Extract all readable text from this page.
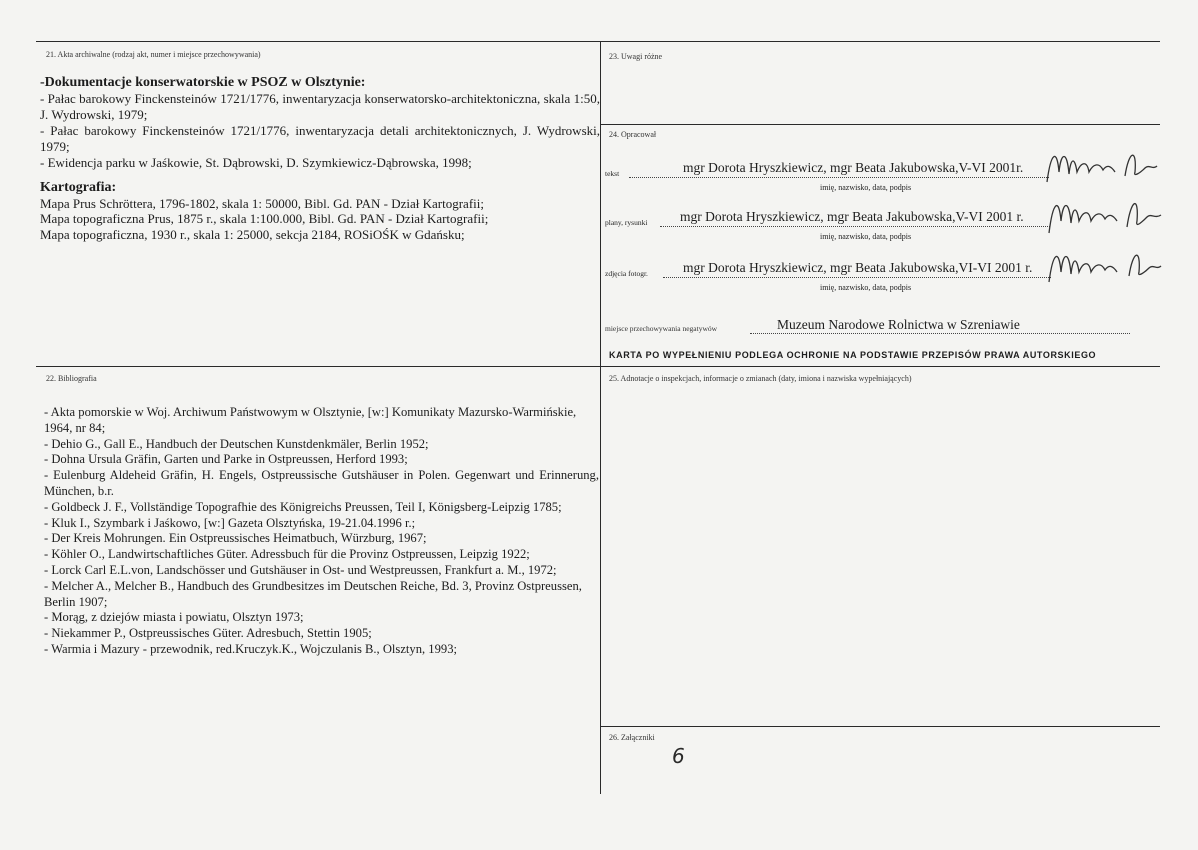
21. Akta archiwalne (rodzaj akt, numer i miejsce przechowywania)

-Dokumentacje konserwatorskie w PSOZ w Olsztynie:

- Pałac barokowy Finckensteinów 1721/1776, inwentaryzacja konserwatorsko-architektoniczna, skala 1:50, J. Wydrowski, 1979;

- Pałac barokowy Finckensteinów 1721/1776, inwentaryzacja detali architektonicznych, J. Wydrowski, 1979;

- Ewidencja parku w Jaśkowie, St. Dąbrowski, D. Szymkiewicz-Dąbrowska, 1998;

Kartografia:

Mapa Prus Schröttera, 1796-1802, skala 1: 50000, Bibl. Gd. PAN - Dział Kartografii;

Mapa topograficzna Prus, 1875 r., skala 1:100.000, Bibl. Gd. PAN - Dział Kartografii;

Mapa topograficzna, 1930 r., skala 1: 25000, sekcja 2184, ROSiOŚK w Gdańsku;

22. Bibliografia

- Akta pomorskie w Woj. Archiwum Państwowym w Olsztynie, [w:] Komunikaty Mazursko-Warmińskie, 1964, nr 84;

- Dehio G., Gall E., Handbuch der Deutschen Kunstdenkmäler, Berlin 1952;

- Dohna Ursula Gräfin, Garten und Parke in Ostpreussen, Herford 1993;

- Eulenburg Aldeheid Gräfin, H. Engels, Ostpreussische Gutshäuser in Polen. Gegenwart und Erinnerung, München, b.r.

- Goldbeck J. F., Vollständige Topografhie des Königreichs Preussen, Teil I, Königsberg-Leipzig 1785;

- Kluk I., Szymbark i Jaśkowo, [w:] Gazeta Olsztyńska, 19-21.04.1996 r.;

- Der Kreis Mohrungen. Ein Ostpreussisches Heimatbuch, Würzburg, 1967;

- Köhler O., Landwirtschaftliches Güter. Adressbuch für die Provinz Ostpreussen, Leipzig 1922;

- Lorck Carl E.L.von, Landschösser und Gutshäuser in Ost- und Westpreussen, Frankfurt a. M., 1972;

- Melcher A., Melcher B., Handbuch des Grundbesitzes im Deutschen Reiche, Bd. 3, Provinz Ostpreussen, Berlin 1907;

- Morąg, z dziejów miasta i powiatu, Olsztyn 1973;

- Niekammer P., Ostpreussisches Güter. Adresbuch, Stettin 1905;

- Warmia i Mazury - przewodnik, red.Kruczyk.K., Wojczulanis B., Olsztyn, 1993;

23. Uwagi różne
24. Opracował
tekst	mgr Dorota Hryszkiewicz, mgr Beata Jakubowska,V-VI 2001r.
imię, nazwisko, data, podpis
plany, rysunki mgr Dorota Hryszkiewicz, mgr Beata Jakubowska,V-VI 2001 r.
imię, nazwisko, data, podpis
zdjęcia fotogr.	mgr Dorota Hryszkiewicz, mgr Beata Jakubowska,VI-VI 2001 r.
imię, nazwisko, data, podpis
miejsce przechowywania negatywów	Muzeum Narodowe Rolnictwa w Szreniawie
KARTA PO WYPEŁNIENIU PODLEGA OCHRONIE NA PODSTAWIE PRZEPISÓW PRAWA AUTORSKIEGO
25. Adnotacje o inspekcjach, informacje o zmianach (daty, imiona i nazwiska wypełniających)
26. Załączniki
6
